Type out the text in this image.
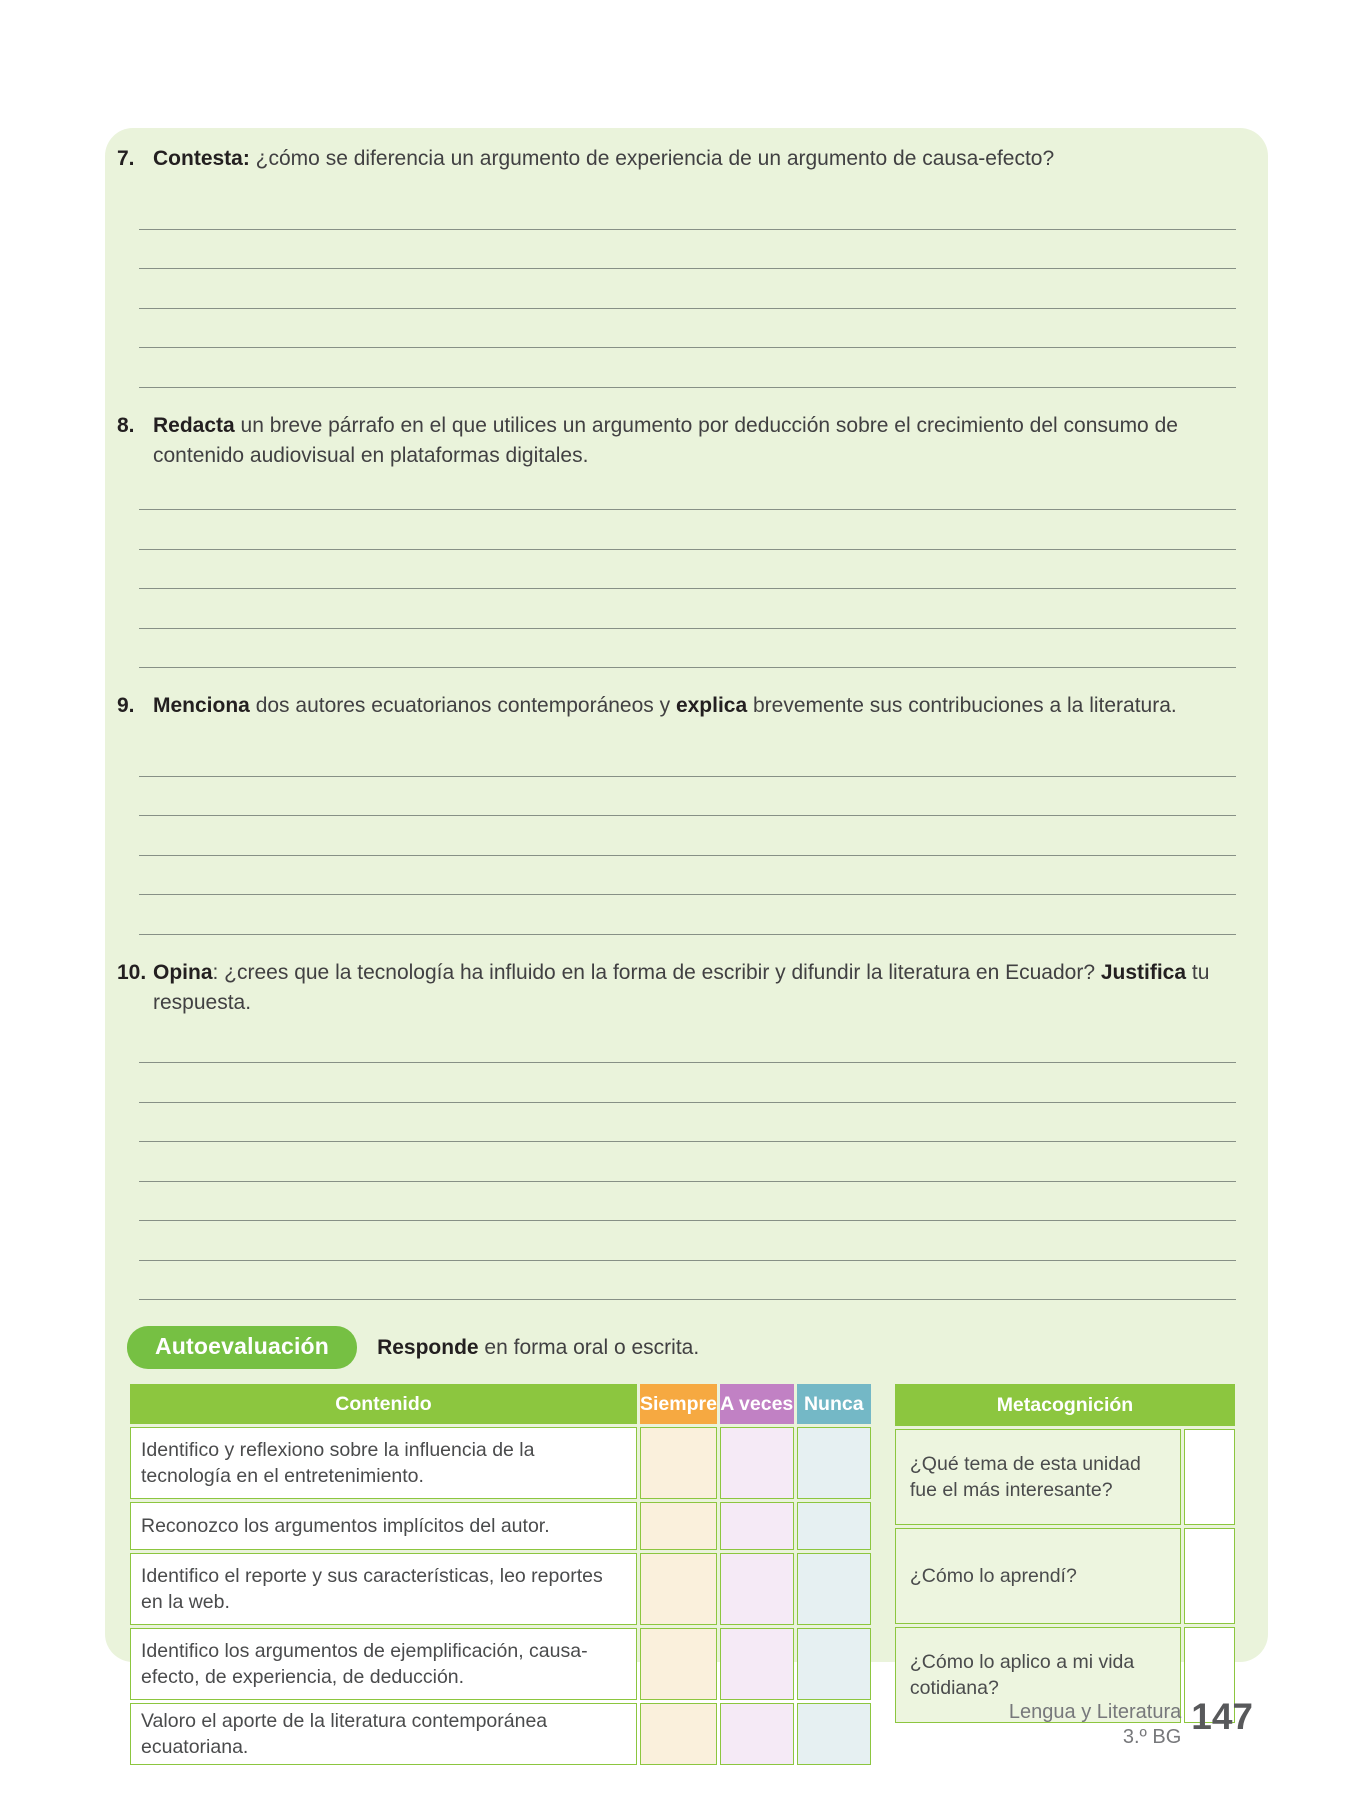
7. Contesta: ¿cómo se diferencia un argumento de experiencia de un argumento de causa-efecto?

8. Redacta un breve párrafo en el que utilices un argumento por deducción sobre el crecimiento del consumo de contenido audiovisual en plataformas digitales.

9. Menciona dos autores ecuatorianos contemporáneos y explica brevemente sus contribuciones a la literatura.

10. Opina: ¿crees que la tecnología ha influido en la forma de escribir y difundir la literatura en Ecuador? Justifica tu respuesta.

Autoevaluación	Responde en forma oral o escrita.

Contenido	Siempre	A veces	Nunca
Identifico y reflexiono sobre la influencia de la tecnología en el entretenimiento.			
Reconozco los argumentos implícitos del autor.			
Identifico el reporte y sus características, leo reportes en la web.			
Identifico los argumentos de ejemplificación, causa-efecto, de experiencia, de deducción.			
Valoro el aporte de la literatura contemporánea ecuatoriana.			
Metacognición	
¿Qué tema de esta unidad fue el más interesante?	
¿Cómo lo aprendí?	
¿Cómo lo aplico a mi vida cotidiana?	
Lengua y Literatura
3.º BG 147
